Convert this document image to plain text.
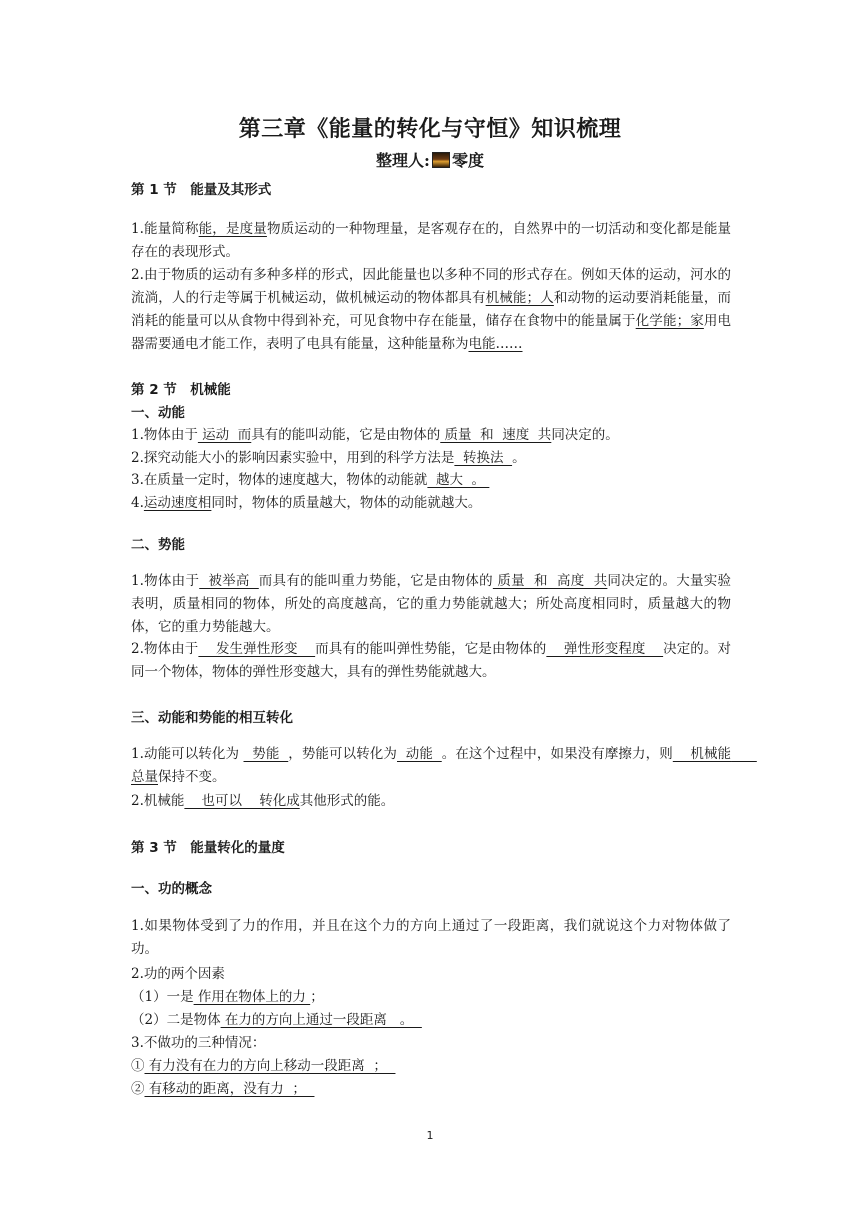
第三章《能量的转化与守恒》知识梳理
整理人: 零度
第 1 节　能量及其形式
1.能量简称能，是度量物质运动的一种物理量，是客观存在的，自然界中的一切活动和变化都是能量存在的表现形式。
2.由于物质的运动有多种多样的形式，因此能量也以多种不同的形式存在。例如天体的运动，河水的流淌，人的行走等属于机械运动，做机械运动的物体都具有机械能；人和动物的运动要消耗能量，而消耗的能量可以从食物中得到补充，可见食物中存在能量，储存在食物中的能量属于化学能；家用电器需要通电才能工作，表明了电具有能量，这种能量称为电能……
第 2 节　机械能
一、动能
1.物体由于 运动  而具有的能叫动能，它是由物体的 质量  和  速度  共同决定的。
2.探究动能大小的影响因素实验中，用到的科学方法是  转换法  。
3.在质量一定时，物体的速度越大，物体的动能就  越大  。
4.运动速度相同时，物体的质量越大，物体的动能就越大。
二、势能
1.物体由于  被举高  而具有的能叫重力势能，它是由物体的 质量  和  高度  共同决定的。大量实验表明，质量相同的物体，所处的高度越高，它的重力势能就越大；所处高度相同时，质量越大的物体，它的重力势能越大。
2.物体由于    发生弹性形变    而具有的能叫弹性势能，它是由物体的    弹性形变程度    决定的。对同一个物体，物体的弹性形变越大，具有的弹性势能就越大。
三、动能和势能的相互转化
1.动能可以转化为   势能  ，势能可以转化为  动能  。在这个过程中，如果没有摩擦力，则    机械能      总量保持不变。
2.机械能    也可以    转化成其他形式的能。
第 3 节　能量转化的量度
一、功的概念
1.如果物体受到了力的作用，并且在这个力的方向上通过了一段距离，我们就说这个力对物体做了功。
2.功的两个因素
（1）一是 作用在物体上的力 ；
（2）二是物体 在力的方向上通过一段距离   。
3.不做功的三种情况：
① 有力没有在力的方向上移动一段距离  ；
② 有移动的距离，没有力  ；
1
